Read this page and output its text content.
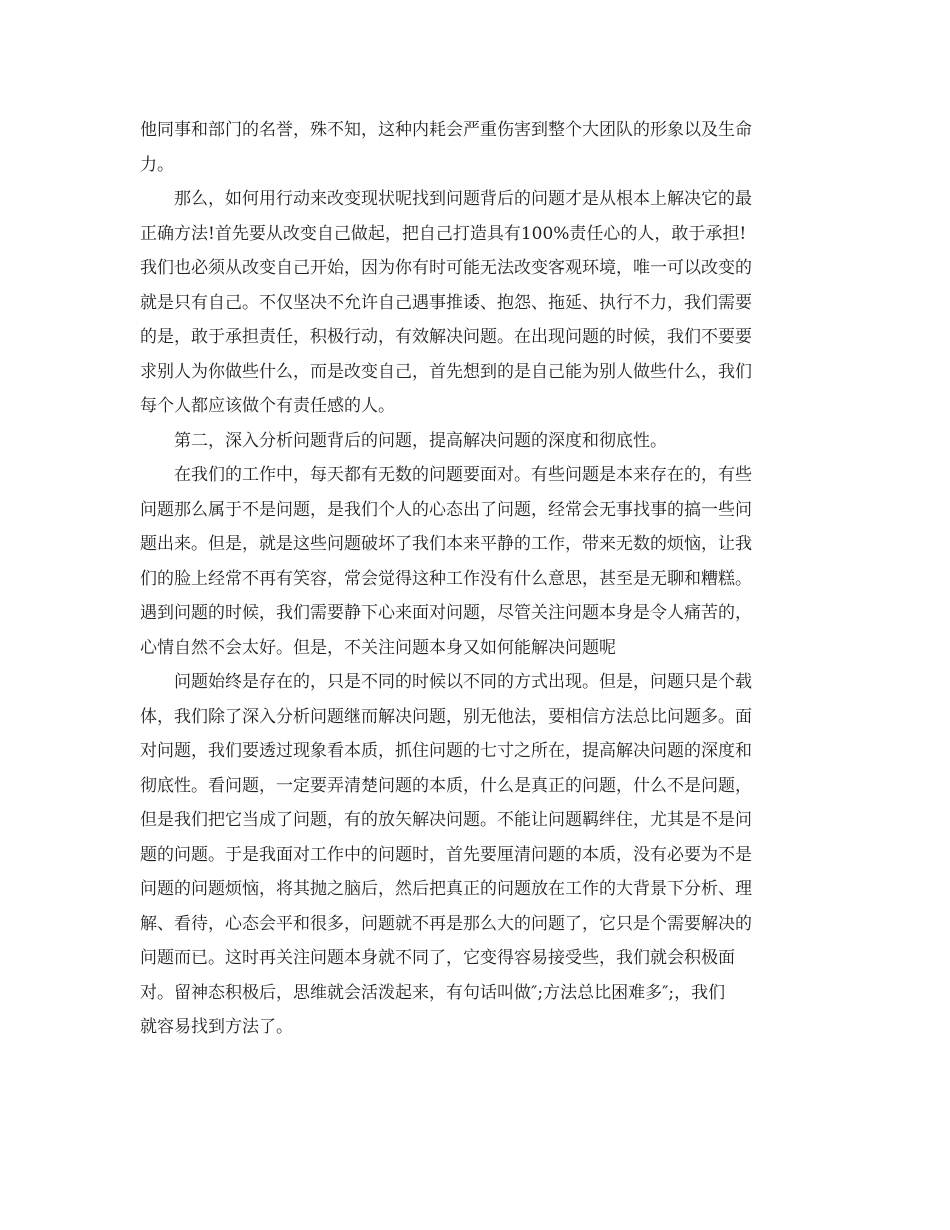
他同事和部门的名誉，殊不知，这种内耗会严重伤害到整个大团队的形象以及生命
力。
那么，如何用行动来改变现状呢找到问题背后的问题才是从根本上解决它的最
正确方法!首先要从改变自己做起，把自己打造具有100%责任心的人，敢于承担!
我们也必须从改变自己开始，因为你有时可能无法改变客观环境，唯一可以改变的
就是只有自己。不仅坚决不允许自己遇事推诿、抱怨、拖延、执行不力，我们需要
的是，敢于承担责任，积极行动，有效解决问题。在出现问题的时候，我们不要要
求别人为你做些什么，而是改变自己，首先想到的是自己能为别人做些什么，我们
每个人都应该做个有责任感的人。
第二，深入分析问题背后的问题，提高解决问题的深度和彻底性。
在我们的工作中，每天都有无数的问题要面对。有些问题是本来存在的，有些
问题那么属于不是问题，是我们个人的心态出了问题，经常会无事找事的搞一些问
题出来。但是，就是这些问题破坏了我们本来平静的工作，带来无数的烦恼，让我
们的脸上经常不再有笑容，常会觉得这种工作没有什么意思，甚至是无聊和糟糕。
遇到问题的时候，我们需要静下心来面对问题，尽管关注问题本身是令人痛苦的，
心情自然不会太好。但是，不关注问题本身又如何能解决问题呢
问题始终是存在的，只是不同的时候以不同的方式出现。但是，问题只是个载
体，我们除了深入分析问题继而解决问题，别无他法，要相信方法总比问题多。面
对问题，我们要透过现象看本质，抓住问题的七寸之所在，提高解决问题的深度和
彻底性。看问题，一定要弄清楚问题的本质，什么是真正的问题，什么不是问题，
但是我们把它当成了问题，有的放矢解决问题。不能让问题羁绊住，尤其是不是问
题的问题。于是我面对工作中的问题时，首先要厘清问题的本质，没有必要为不是
问题的问题烦恼，将其抛之脑后，然后把真正的问题放在工作的大背景下分析、理
解、看待，心态会平和很多，问题就不再是那么大的问题了，它只是个需要解决的
问题而已。这时再关注问题本身就不同了，它变得容易接受些，我们就会积极面
对。留神态积极后，思维就会活泼起来，有句话叫做″;方法总比困难多″;，我们
就容易找到方法了。
